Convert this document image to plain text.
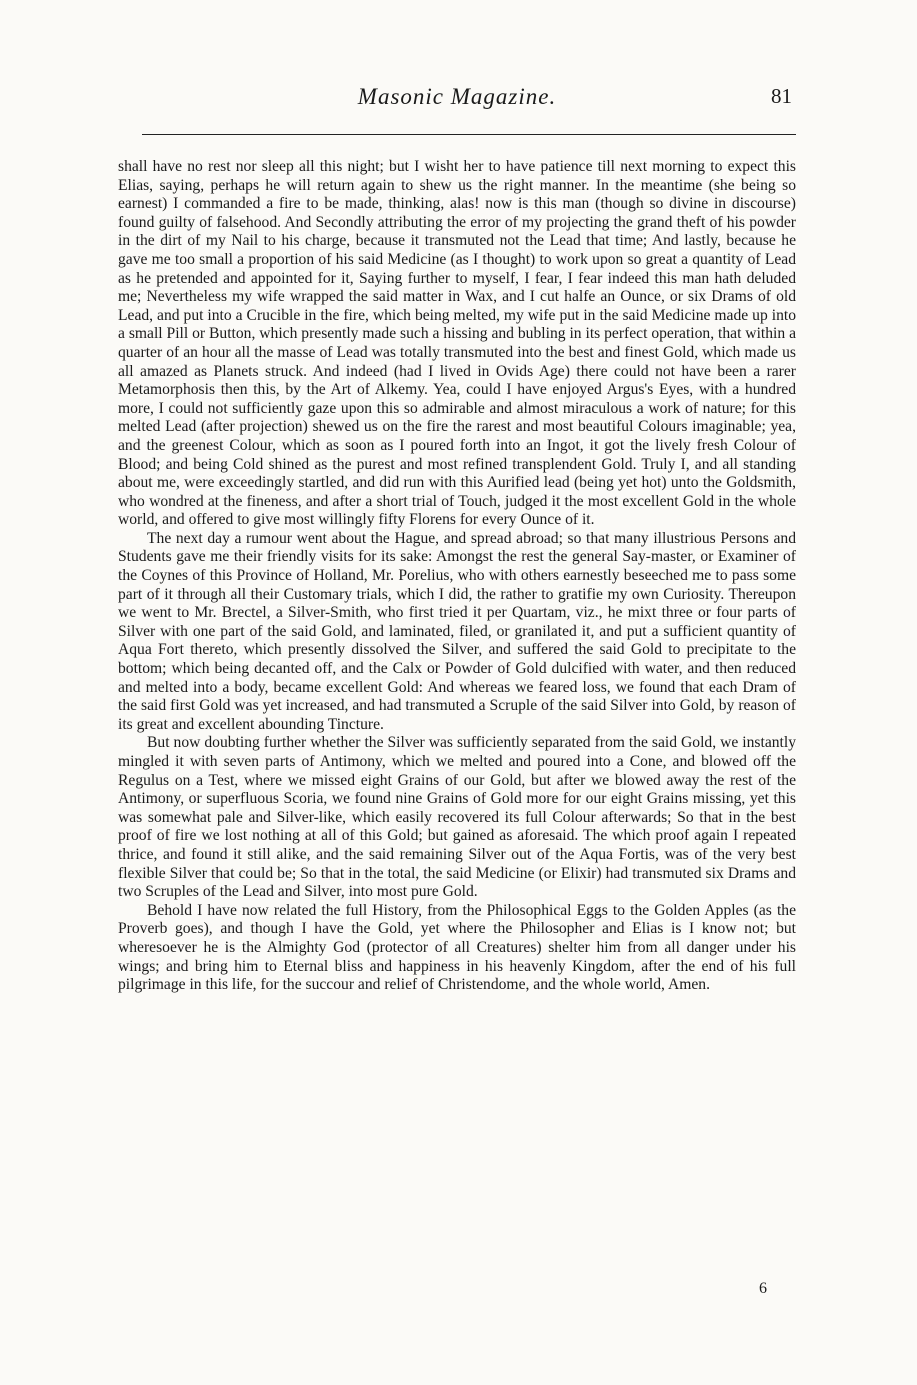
Masonic Magazine.	81

shall have no rest nor sleep all this night; but I wisht her to have patience till next morning to expect this Elias, saying, perhaps he will return again to shew us the right manner. In the meantime (she being so earnest) I commanded a fire to be made, thinking, alas! now is this man (though so divine in discourse) found guilty of falsehood. And Secondly attributing the error of my projecting the grand theft of his powder in the dirt of my Nail to his charge, because it transmuted not the Lead that time; And lastly, because he gave me too small a proportion of his said Medicine (as I thought) to work upon so great a quantity of Lead as he pretended and appointed for it, Saying further to myself, I fear, I fear indeed this man hath deluded me; Nevertheless my wife wrapped the said matter in Wax, and I cut halfe an Ounce, or six Drams of old Lead, and put into a Crucible in the fire, which being melted, my wife put in the said Medicine made up into a small Pill or Button, which presently made such a hissing and bubling in its perfect operation, that within a quarter of an hour all the masse of Lead was totally transmuted into the best and finest Gold, which made us all amazed as Planets struck. And indeed (had I lived in Ovids Age) there could not have been a rarer Metamorphosis then this, by the Art of Alkemy. Yea, could I have enjoyed Argus's Eyes, with a hundred more, I could not sufficiently gaze upon this so admirable and almost miraculous a work of nature; for this melted Lead (after projection) shewed us on the fire the rarest and most beautiful Colours imaginable; yea, and the greenest Colour, which as soon as I poured forth into an Ingot, it got the lively fresh Colour of Blood; and being Cold shined as the purest and most refined transplendent Gold. Truly I, and all standing about me, were exceedingly startled, and did run with this Aurified lead (being yet hot) unto the Goldsmith, who wondred at the fineness, and after a short trial of Touch, judged it the most excellent Gold in the whole world, and offered to give most willingly fifty Florens for every Ounce of it.

The next day a rumour went about the Hague, and spread abroad; so that many illustrious Persons and Students gave me their friendly visits for its sake: Amongst the rest the general Say-master, or Examiner of the Coynes of this Province of Holland, Mr. Porelius, who with others earnestly beseeched me to pass some part of it through all their Customary trials, which I did, the rather to gratifie my own Curiosity. Thereupon we went to Mr. Brectel, a Silver-Smith, who first tried it per Quartam, viz., he mixt three or four parts of Silver with one part of the said Gold, and laminated, filed, or granilated it, and put a sufficient quantity of Aqua Fort thereto, which presently dissolved the Silver, and suffered the said Gold to precipitate to the bottom; which being decanted off, and the Calx or Powder of Gold dulcified with water, and then reduced and melted into a body, became excellent Gold: And whereas we feared loss, we found that each Dram of the said first Gold was yet increased, and had transmuted a Scruple of the said Silver into Gold, by reason of its great and excellent abounding Tincture.

But now doubting further whether the Silver was sufficiently separated from the said Gold, we instantly mingled it with seven parts of Antimony, which we melted and poured into a Cone, and blowed off the Regulus on a Test, where we missed eight Grains of our Gold, but after we blowed away the rest of the Antimony, or superfluous Scoria, we found nine Grains of Gold more for our eight Grains missing, yet this was somewhat pale and Silver-like, which easily recovered its full Colour afterwards; So that in the best proof of fire we lost nothing at all of this Gold; but gained as aforesaid. The which proof again I repeated thrice, and found it still alike, and the said remaining Silver out of the Aqua Fortis, was of the very best flexible Silver that could be; So that in the total, the said Medicine (or Elixir) had transmuted six Drams and two Scruples of the Lead and Silver, into most pure Gold.

Behold I have now related the full History, from the Philosophical Eggs to the Golden Apples (as the Proverb goes), and though I have the Gold, yet where the Philosopher and Elias is I know not; but wheresoever he is the Almighty God (protector of all Creatures) shelter him from all danger under his wings; and bring him to Eternal bliss and happiness in his heavenly Kingdom, after the end of his full pilgrimage in this life, for the succour and relief of Christendome, and the whole world, Amen.

6
